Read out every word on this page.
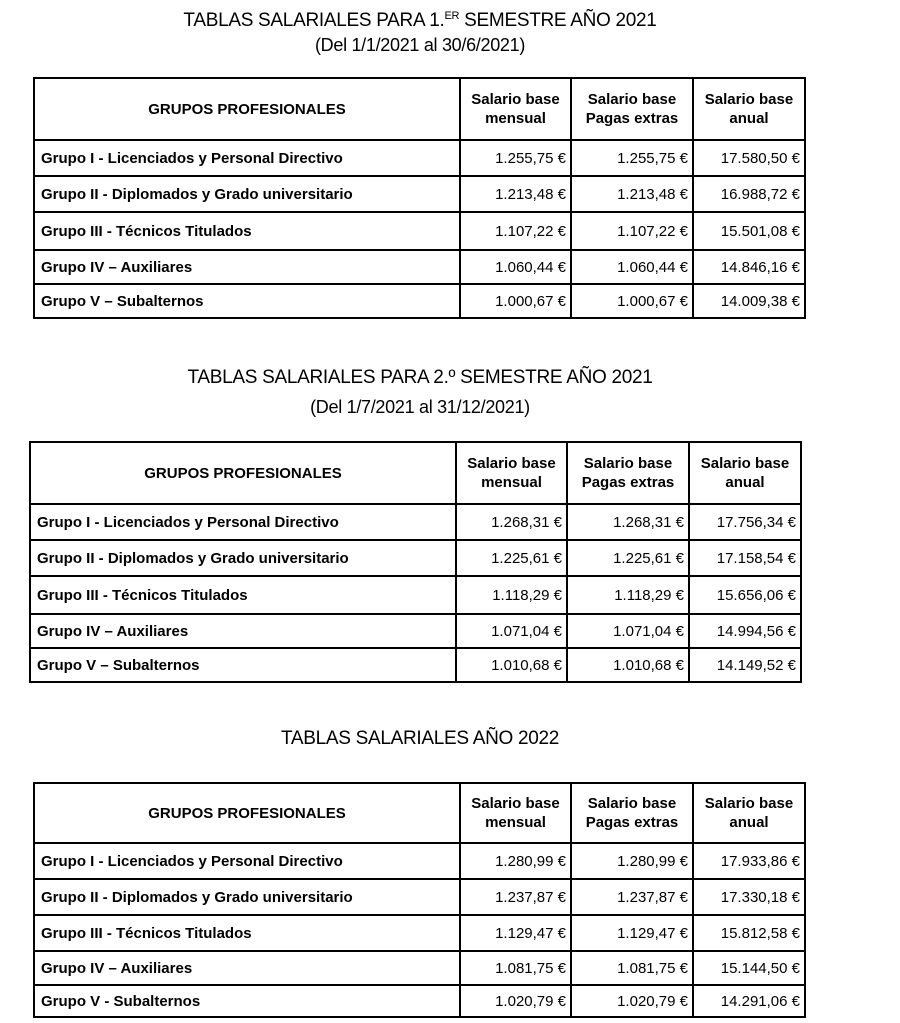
TABLAS SALARIALES PARA 1.$^{ER}$ SEMESTRE AÑO 2021
(Del 1/1/2021 al 30/6/2021)
GRUPOS PROFESIONALES	Salario base mensual	Salario base Pagas extras	Salario base anual
Grupo I - Licenciados y Personal Directivo	1.255,75 €	1.255,75 €	17.580,50 €
Grupo II - Diplomados y Grado universitario	1.213,48 €	1.213,48 €	16.988,72 €
Grupo III - Técnicos Titulados	1.107,22 €	1.107,22 €	15.501,08 €
Grupo IV – Auxiliares	1.060,44 €	1.060,44 €	14.846,16 €
Grupo V – Subalternos	1.000,67 €	1.000,67 €	14.009,38 €
TABLAS SALARIALES PARA 2.º SEMESTRE AÑO 2021
(Del 1/7/2021 al 31/12/2021)
GRUPOS PROFESIONALES	Salario base mensual	Salario base Pagas extras	Salario base anual
Grupo I - Licenciados y Personal Directivo	1.268,31 €	1.268,31 €	17.756,34 €
Grupo II - Diplomados y Grado universitario	1.225,61 €	1.225,61 €	17.158,54 €
Grupo III - Técnicos Titulados	1.118,29 €	1.118,29 €	15.656,06 €
Grupo IV – Auxiliares	1.071,04 €	1.071,04 €	14.994,56 €
Grupo V – Subalternos	1.010,68 €	1.010,68 €	14.149,52 €
TABLAS SALARIALES AÑO 2022
GRUPOS PROFESIONALES	Salario base mensual	Salario base Pagas extras	Salario base anual
Grupo I - Licenciados y Personal Directivo	1.280,99 €	1.280,99 €	17.933,86 €
Grupo II - Diplomados y Grado universitario	1.237,87 €	1.237,87 €	17.330,18 €
Grupo III - Técnicos Titulados	1.129,47 €	1.129,47 €	15.812,58 €
Grupo IV – Auxiliares	1.081,75 €	1.081,75 €	15.144,50 €
Grupo V - Subalternos	1.020,79 €	1.020,79 €	14.291,06 €
